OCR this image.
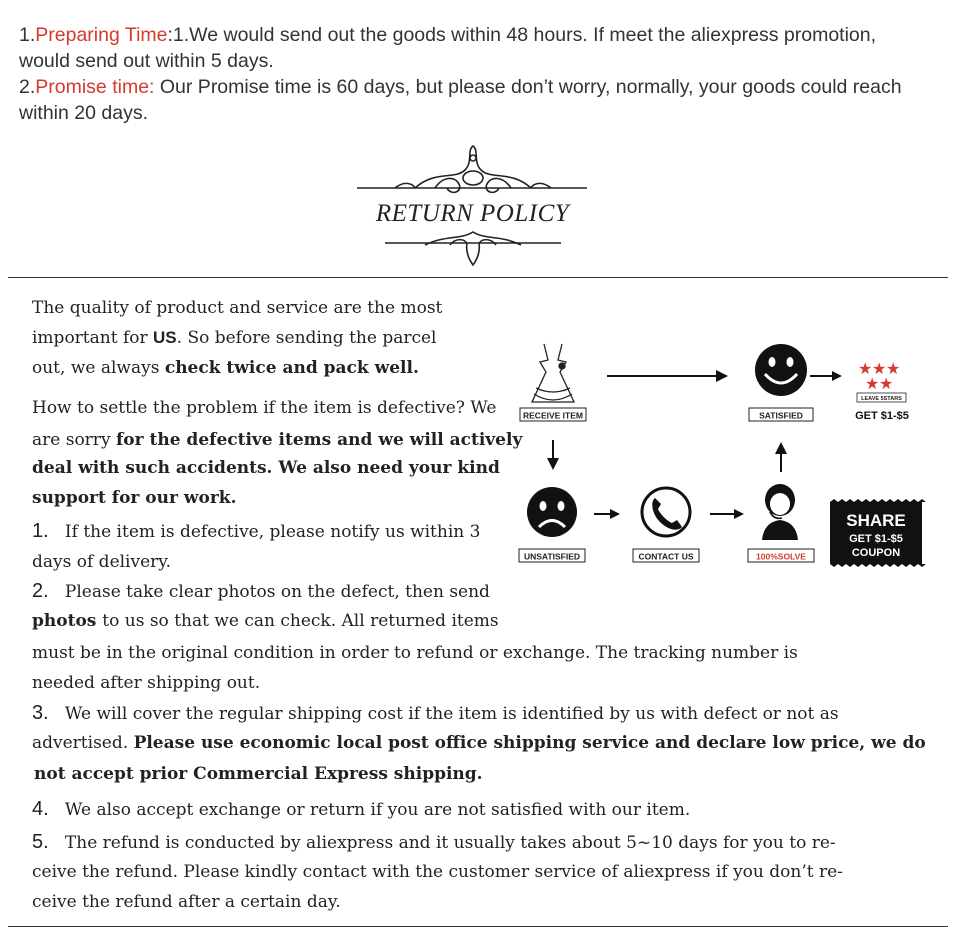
1.Preparing Time:1.We would send out the goods within 48 hours. If meet the aliexpress promotion,

would send out within 5 days.

2.Promise time: Our Promise time is 60 days, but please don’t worry, normally, your goods could reach

within 20 days.

RETURN POLICY
The quality of product and service are the most
important for US. So before sending the parcel
out, we always check twice and pack well.
How to settle the problem if the item is defective? We
are sorry for the defective items and we will actively
deal with such accidents. We also need your kind
support for our work.
1. If the item is defective, please notify us within 3
days of delivery.
2. Please take clear photos on the defect, then send
photos to us so that we can check. All returned items
must be in the original condition in order to refund or exchange. The tracking number is
needed after shipping out.
3. We will cover the regular shipping cost if the item is identified by us with defect or not as
advertised. Please use economic local post office shipping service and declare low price, we do
not accept prior Commercial Express shipping.
4. We also accept exchange or return if you are not satisfied with our item.
5. The refund is conducted by aliexpress and it usually takes about 5~10 days for you to re-
ceive the refund. Please kindly contact with the customer service of aliexpress if you don’t re-
ceive the refund after a certain day.
RECEIVE ITEM	SATISFIED
★ ★ ★
★ ★
LEAVE 5STARS
GET $1-$5
UNSATISFIED	CONTACT US	100%SOLVE
SHARE
GET $1-$5
COUPON
